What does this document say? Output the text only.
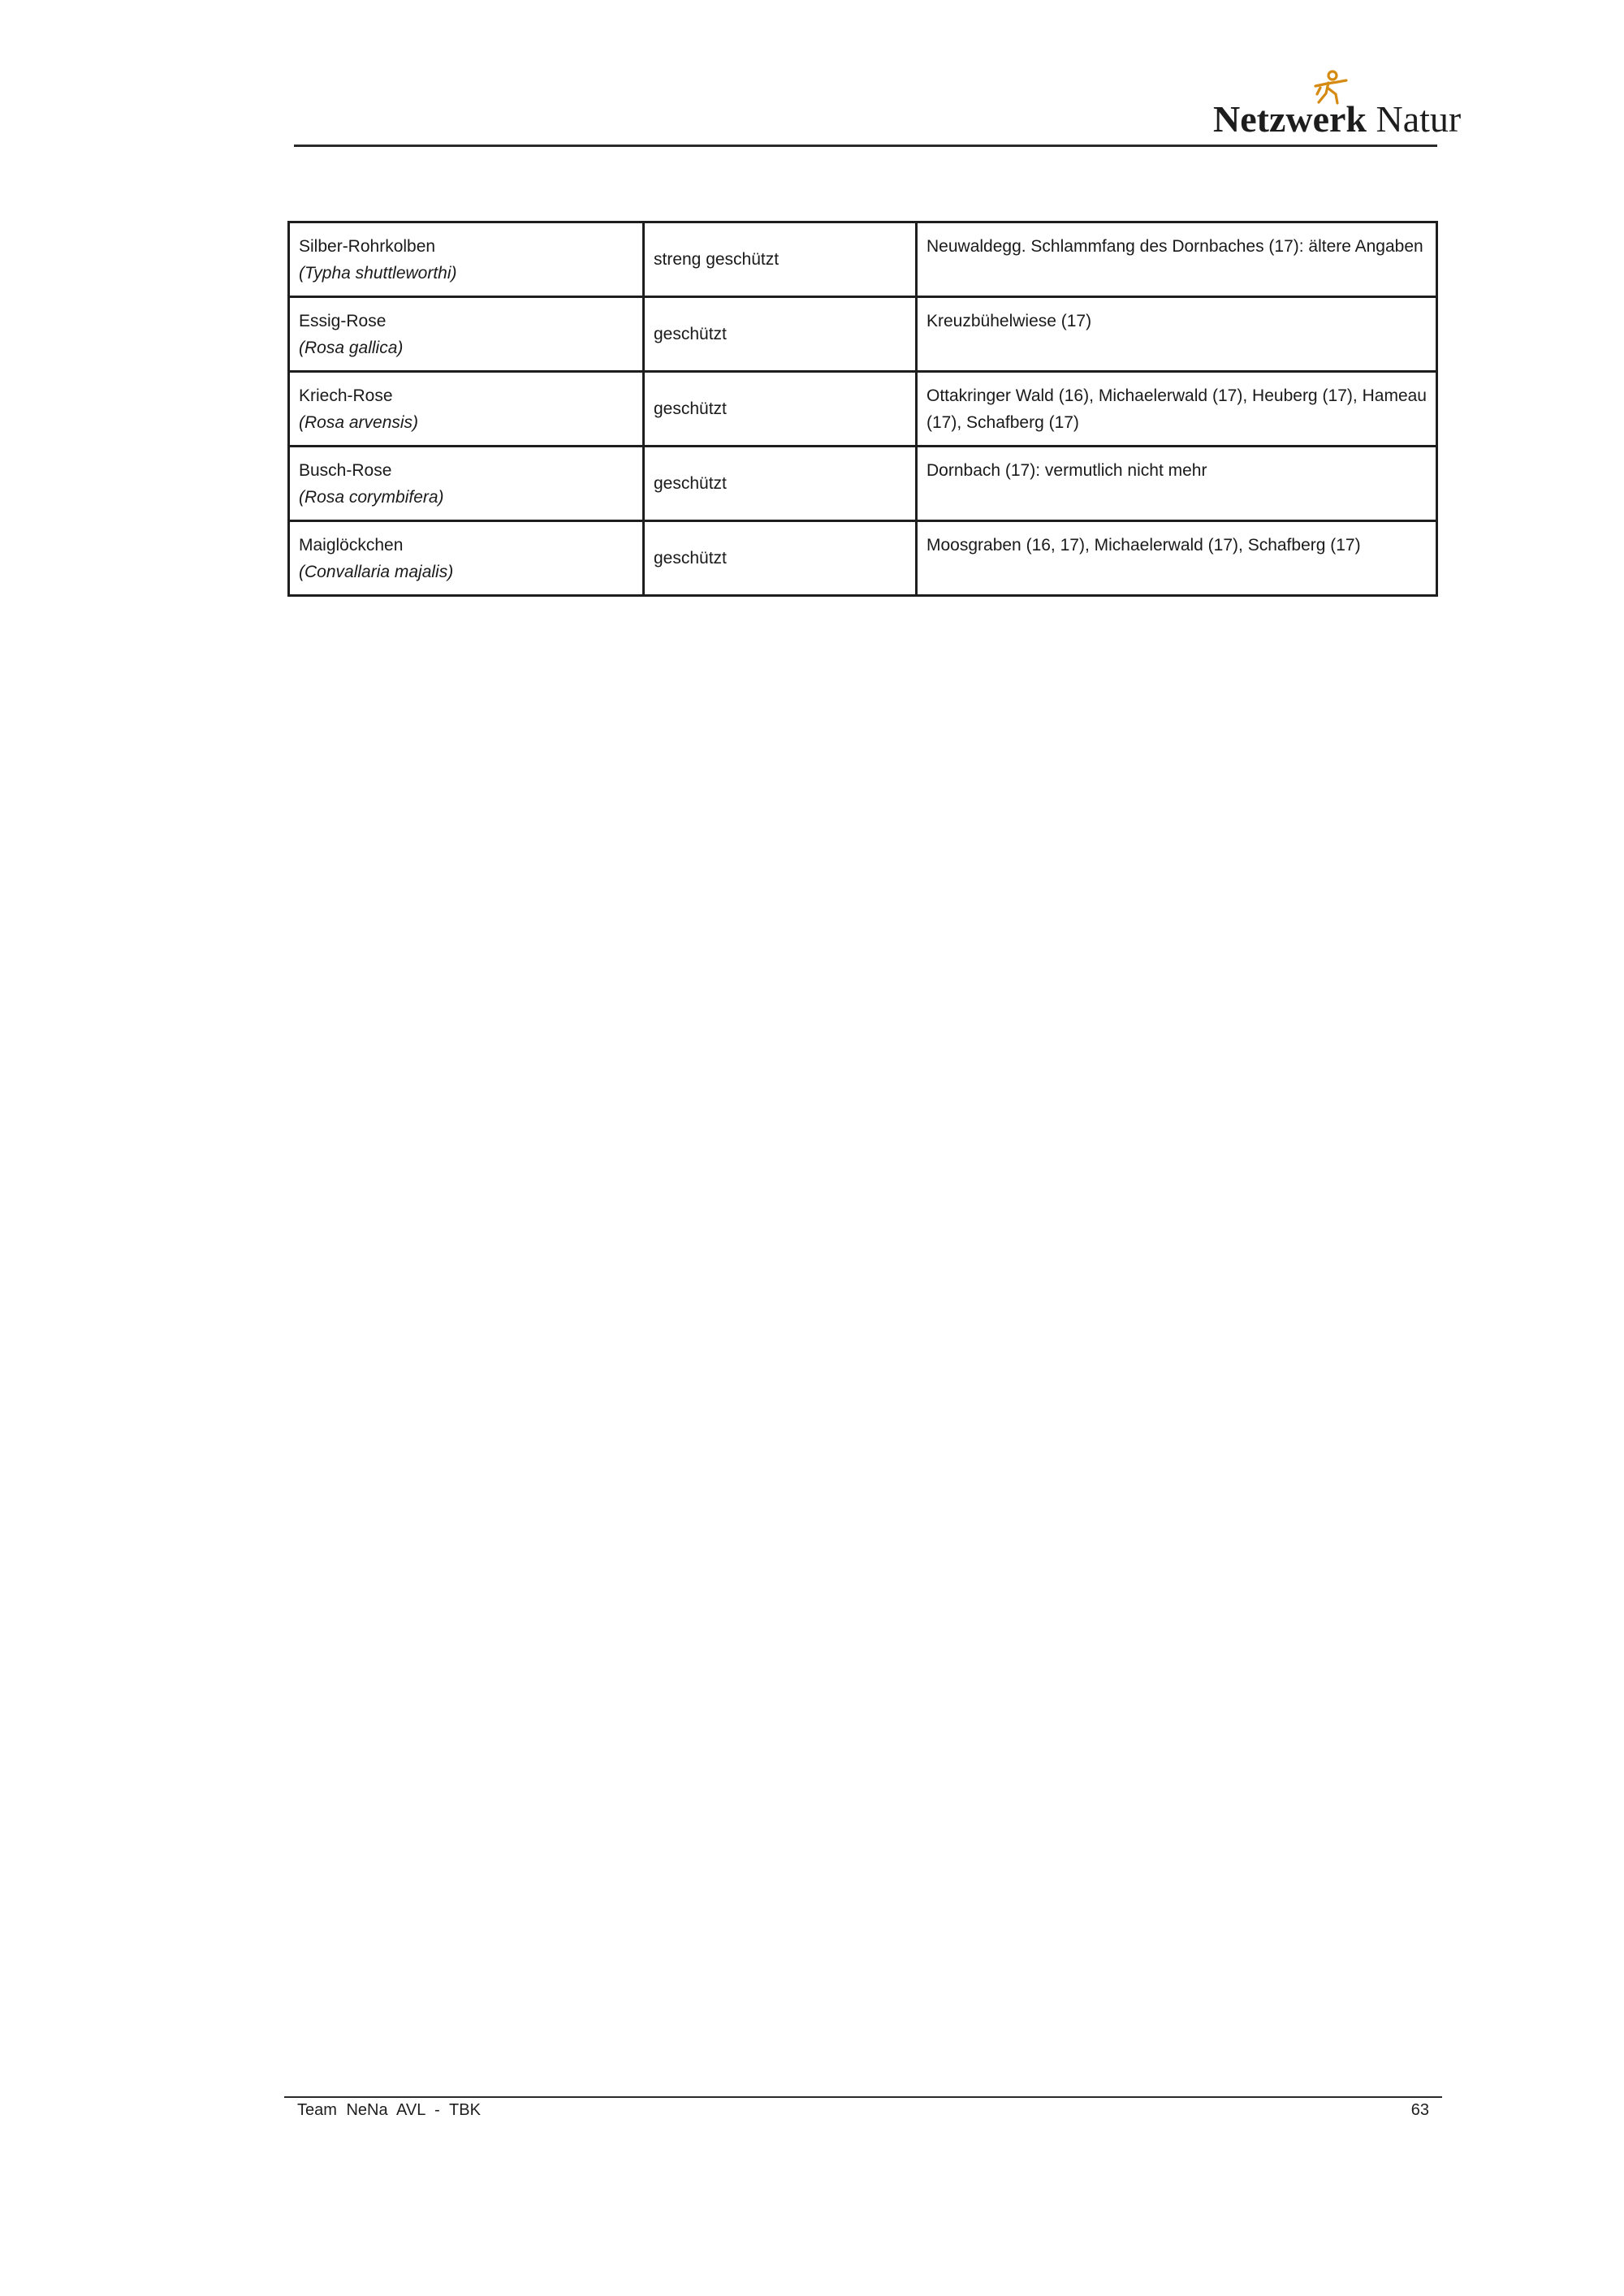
Netzwerk Natur
Silber-Rohrkolben
(Typha shuttleworthi)	streng geschützt	Neuwaldegg. Schlammfang des Dornbaches (17): ältere Angaben

Essig-Rose
(Rosa gallica)	geschützt	Kreuzbühelwiese (17)

Kriech-Rose
(Rosa arvensis)	geschützt	Ottakringer Wald (16), Michaelerwald (17), Heuberg (17), Hameau (17), Schafberg (17)

Busch-Rose
(Rosa corymbifera)	geschützt	Dornbach (17): vermutlich nicht mehr

Maiglöckchen
(Convallaria majalis)	geschützt	Moosgraben (16, 17), Michaelerwald (17), Schafberg (17)
Team NeNa AVL - TBK	63
